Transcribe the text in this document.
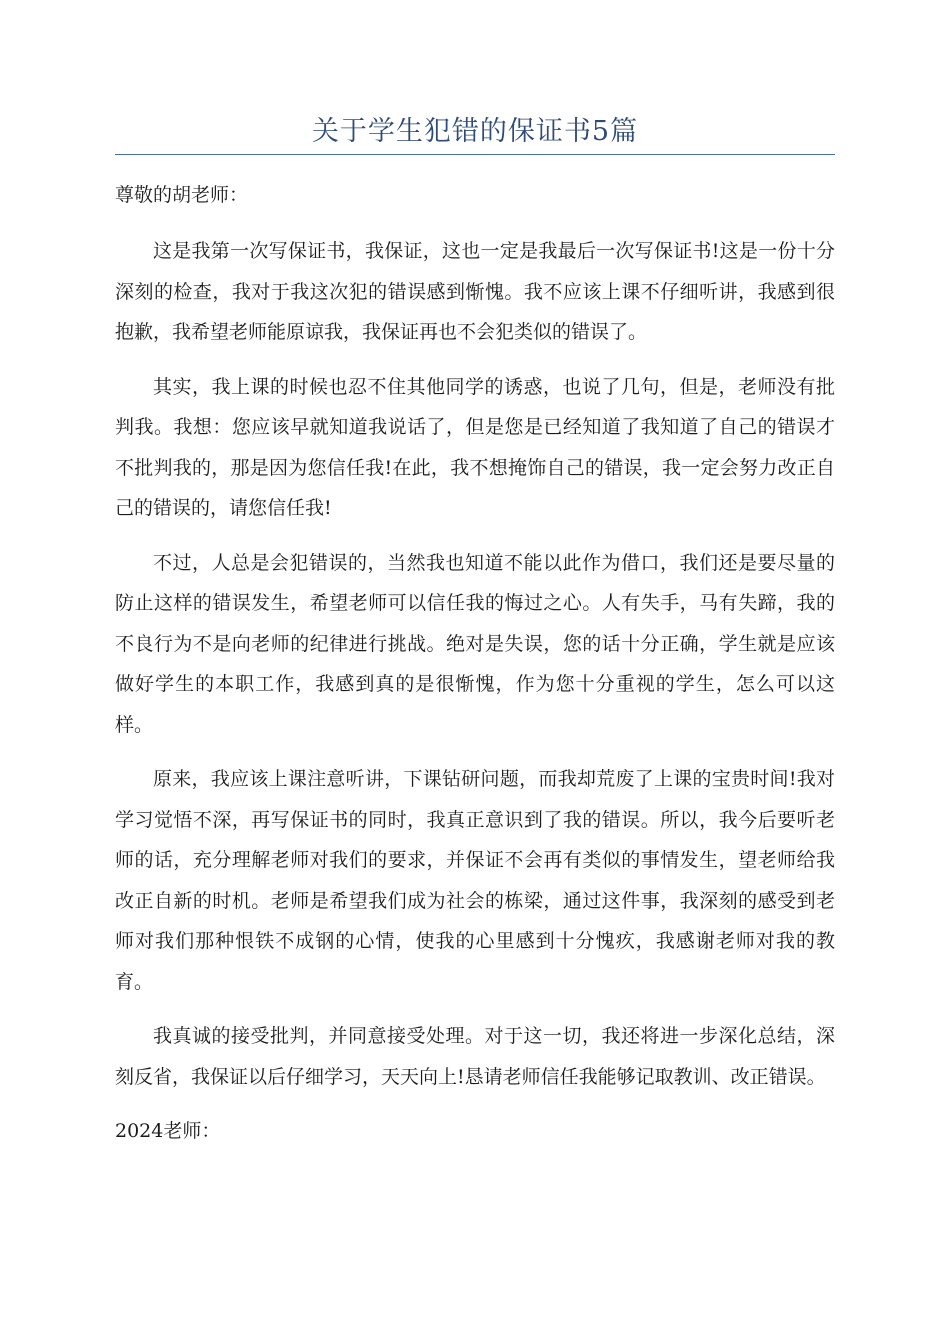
关于学生犯错的保证书5篇

尊敬的胡老师：

这是我第一次写保证书，我保证，这也一定是我最后一次写保证书!这是一份十分深刻的检查，我对于我这次犯的错误感到惭愧。我不应该上课不仔细听讲，我感到很抱歉，我希望老师能原谅我，我保证再也不会犯类似的错误了。

其实，我上课的时候也忍不住其他同学的诱惑，也说了几句，但是，老师没有批判我。我想：您应该早就知道我说话了，但是您是已经知道了我知道了自己的错误才不批判我的，那是因为您信任我!在此，我不想掩饰自己的错误，我一定会努力改正自己的错误的，请您信任我!

不过，人总是会犯错误的，当然我也知道不能以此作为借口，我们还是要尽量的防止这样的错误发生，希望老师可以信任我的悔过之心。人有失手，马有失蹄，我的不良行为不是向老师的纪律进行挑战。绝对是失误，您的话十分正确，学生就是应该做好学生的本职工作，我感到真的是很惭愧，作为您十分重视的学生，怎么可以这样。

原来，我应该上课注意听讲，下课钻研问题，而我却荒废了上课的宝贵时间!我对学习觉悟不深，再写保证书的同时，我真正意识到了我的错误。所以，我今后要听老师的话，充分理解老师对我们的要求，并保证不会再有类似的事情发生，望老师给我改正自新的时机。老师是希望我们成为社会的栋梁，通过这件事，我深刻的感受到老师对我们那种恨铁不成钢的心情，使我的心里感到十分愧疚，我感谢老师对我的教育。

我真诚的接受批判，并同意接受处理。对于这一切，我还将进一步深化总结，深刻反省，我保证以后仔细学习，天天向上!恳请老师信任我能够记取教训、改正错误。

2024老师：
